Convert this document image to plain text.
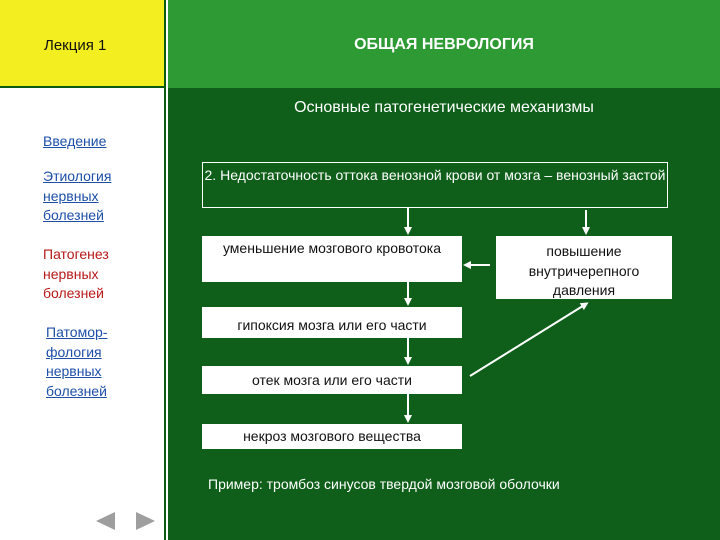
Лекция 1	ОБЩАЯ НЕВРОЛОГИЯ
Введение
Этиология
нервных
болезней
Патогенез
нервных
болезней
Патомор-
фология
нервных
болезней
Основные патогенетические механизмы
2. Недостаточность оттока венозной крови от мозга – венозный застой
уменьшение мозгового кровотока	повышение внутричерепного давления
гипоксия мозга или его части
отек мозга или его части
некроз мозгового вещества
Пример: тромбоз синусов твердой мозговой оболочки
